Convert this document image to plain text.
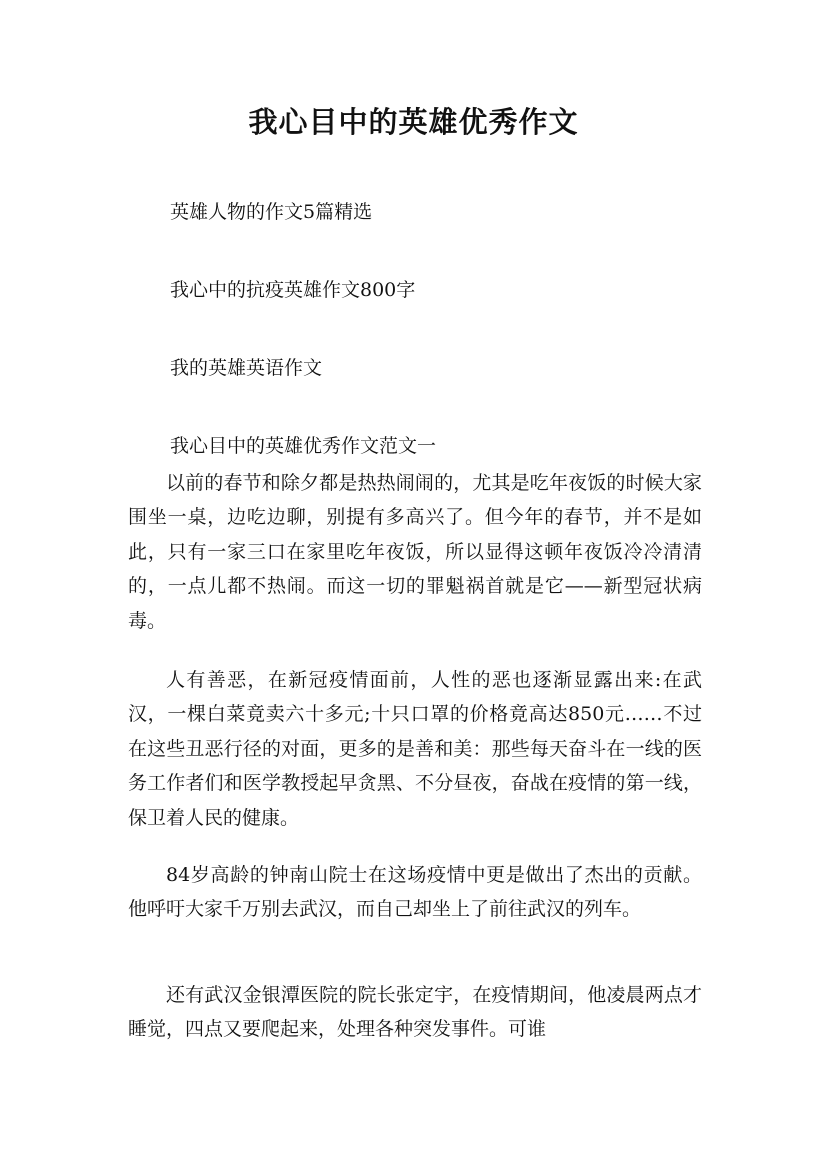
我心目中的英雄优秀作文
英雄人物的作文5篇精选
我心中的抗疫英雄作文800字
我的英雄英语作文
我心目中的英雄优秀作文范文一
以前的春节和除夕都是热热闹闹的，尤其是吃年夜饭的时候大家围坐一桌，边吃边聊，别提有多高兴了。但今年的春节，并不是如此，只有一家三口在家里吃年夜饭，所以显得这顿年夜饭冷冷清清的，一点儿都不热闹。而这一切的罪魁祸首就是它——新型冠状病毒。
人有善恶，在新冠疫情面前，人性的恶也逐渐显露出来:在武汉，一棵白菜竟卖六十多元;十只口罩的价格竟高达850元……不过在这些丑恶行径的对面，更多的是善和美：那些每天奋斗在一线的医务工作者们和医学教授起早贪黑、不分昼夜，奋战在疫情的第一线，保卫着人民的健康。
84岁高龄的钟南山院士在这场疫情中更是做出了杰出的贡献。他呼吁大家千万别去武汉，而自己却坐上了前往武汉的列车。
还有武汉金银潭医院的院长张定宇，在疫情期间，他凌晨两点才睡觉，四点又要爬起来，处理各种突发事件。可谁
